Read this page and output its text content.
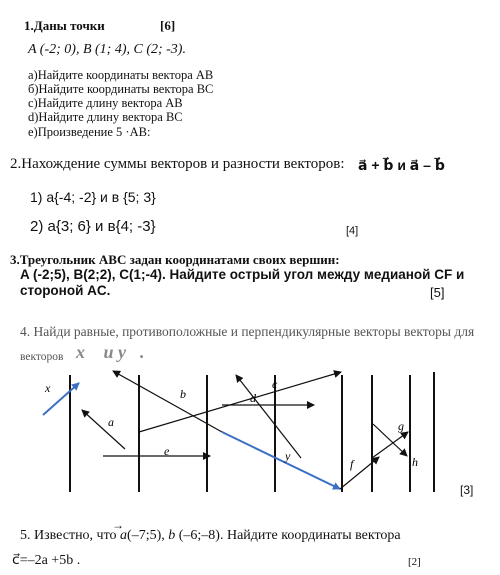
1.Даны точки	[6]
A (-2; 0), B (1; 4), C (2; -3).
а)Найдите координаты вектора АВ
б)Найдите координаты вектора ВС
с)Найдите длину вектора АВ
d)Найдите длину вектора ВС
е)Произведение 5 ·АВ:
2.Нахождение суммы векторов и разности векторов: a⃗ + b⃗ и a⃗ – b⃗
1) а{-4; -2} и в {5; 3}
2) а{3; 6} и в{4; -3}	[4]
3.Треугольник ABC задан координатами своих вершин:
A (-2;5), B(2;2), C(1;-4). Найдите острый угол между медианой CF и
стороной AC.	[5]
4. Найди равные, противоположные и перпендикулярные векторы векторы для
векторов x⃗ и y⃗.
x	b
c
d
a
e	y
f
g
h
[3]
5. Известно, что a(–7;5), b (–6;–8). Найдите координаты вектора
→
c⃗=–2a +5b .	[2]
